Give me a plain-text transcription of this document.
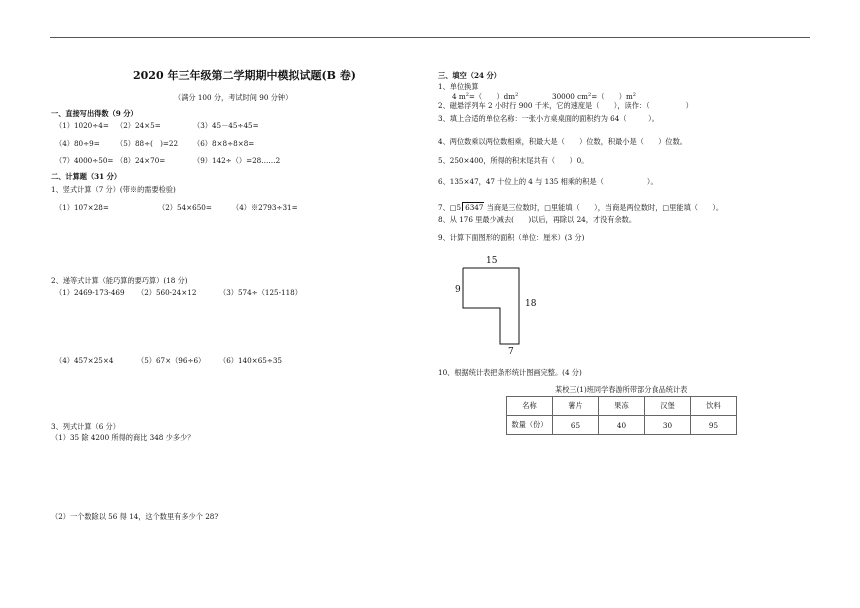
2020 年三年级第二学期期中模拟试题(B 卷)
（满分 100 分，考试时间 90 分钟）
一、直接写出得数（9 分）
（1）1020÷4= （2）24×5=	（3）45－45÷45=
（4）80÷9= （5）88÷(　)=22 （6）8×8÷8×8=
（7）4000÷50= （8）24×70=	（9）142÷（）=28……2
二、计算题（31 分）
1、竖式计算（7 分）(带※的需要检验)
（1）107×28=	（2）54×650=	（4）※2793÷31=
2、递等式计算（能巧算的要巧算）(18 分)
（1）2469-173-469 （2）560-24×12	（3）574÷（125-118）
（4）457×25×4	（5）67×（96÷6） （6）140×65÷35
3、列式计算（6 分）
（1）35 除 4200 所得的商比 348 少多少？
（2）一个数除以 56 得 14，这个数里有多少个 28?
三、填空（24 分）
1、单位换算
4 $m^2=$（　　）$dm^2$	30000 $cm^2=$（　　）$m^2$
2、磁悬浮列车 2 小时行 900 千米，它的速度是（　　），读作：（　　　　　）
3、填上合适的单位名称：一张小方桌桌面的面积约为 64（　　　）。
4、两位数乘以两位数相乘，积最大是（　　）位数，积最小是（　　）位数。
5、250×400，所得的积末尾共有（　　）0。
6、135×47，47 十位上的 4 与 135 相乘的积是（　　　　　　）。
7、□5 6347 当商是三位数时，□里能填（　　），当商是两位数时，□里能填（　　）。
8、从 176 里最少减去(　　)以后，再除以 24，才没有余数。
9、计算下面图形的面积（单位：厘米）(3 分)
15
9
18
7
10、根据统计表把条形统计图画完整。(4 分)
某校三(1)班同学春游所带部分食品统计表
名称	薯片	果冻	汉堡	饮料
数量（份）	65	40	30	95
